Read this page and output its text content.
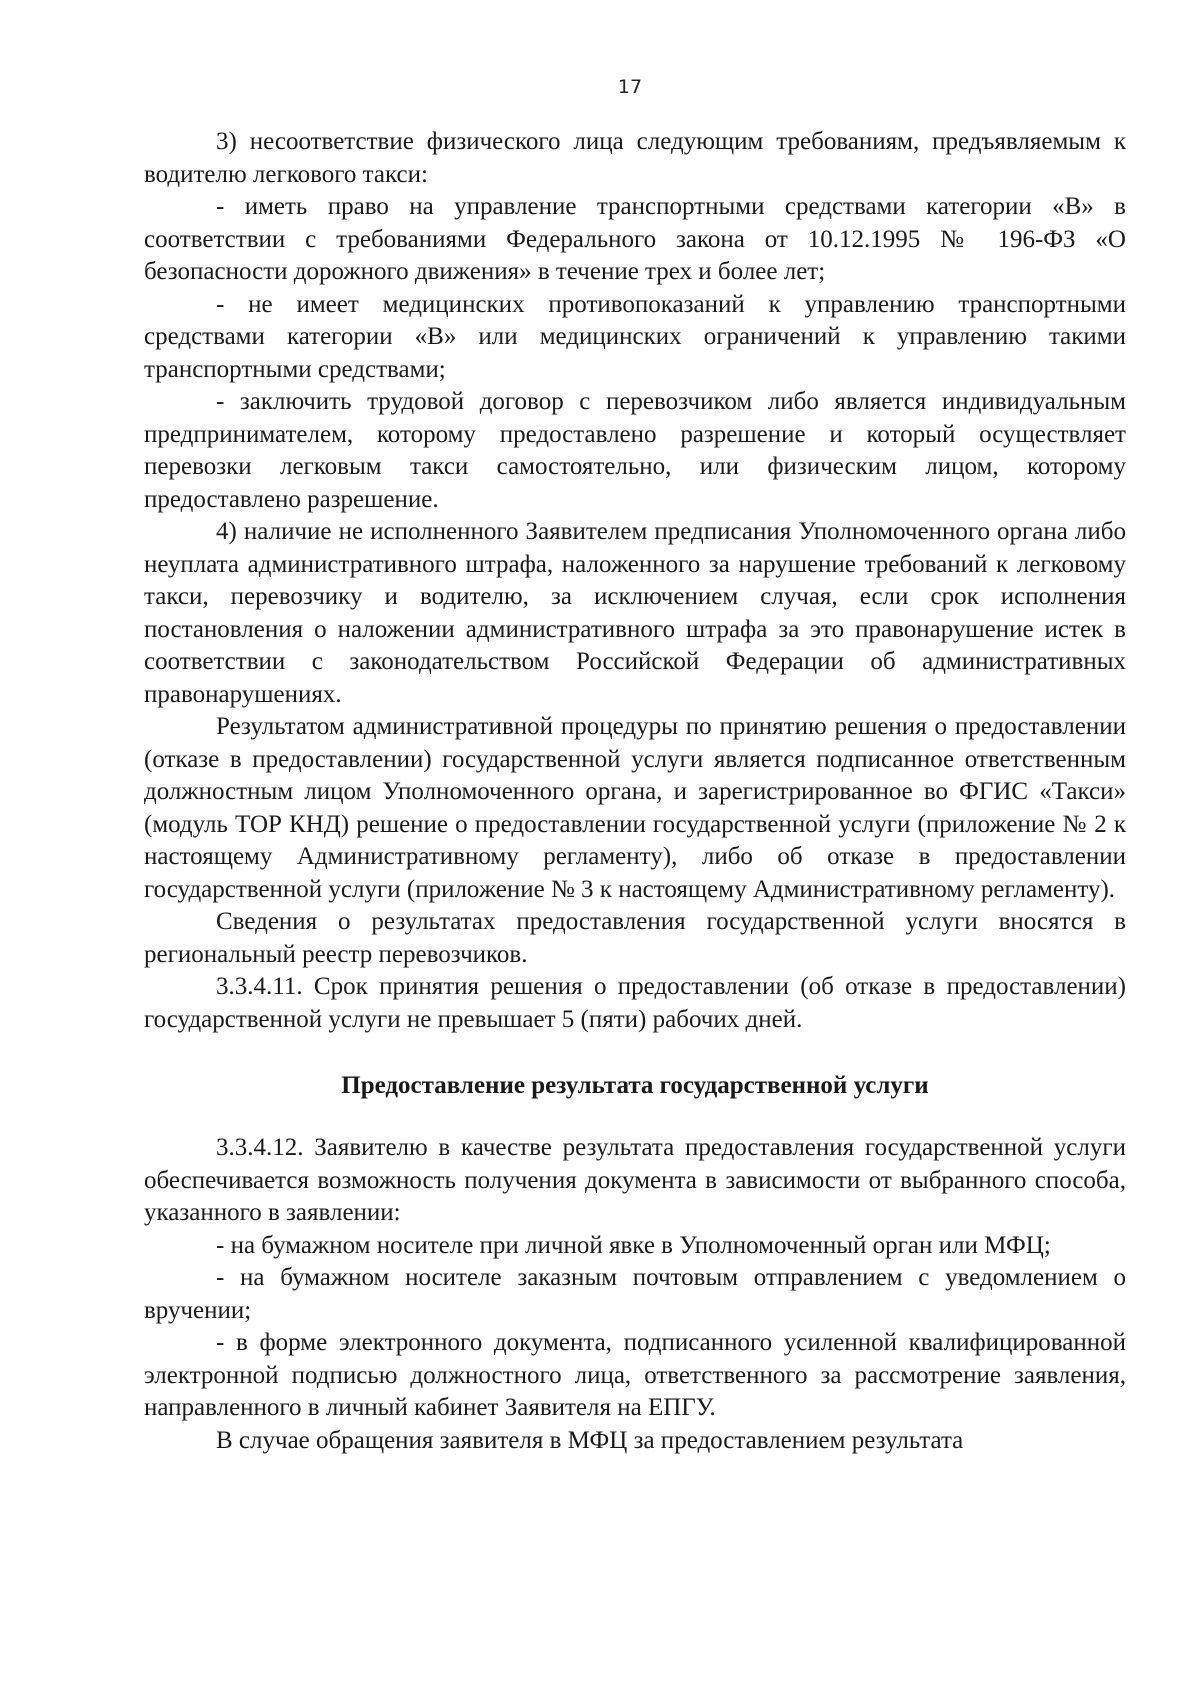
17

3) несоответствие физического лица следующим требованиям, предъявляемым к водителю легкового такси:

- иметь право на управление транспортными средствами категории «В» в соответствии с требованиями Федерального закона от 10.12.1995 № 196-ФЗ «О безопасности дорожного движения» в течение трех и более лет;

- не имеет медицинских противопоказаний к управлению транспортными средствами категории «В» или медицинских ограничений к управлению такими транспортными средствами;

- заключить трудовой договор с перевозчиком либо является индивидуальным предпринимателем, которому предоставлено разрешение и который осуществляет перевозки легковым такси самостоятельно, или физическим лицом, которому предоставлено разрешение.

4) наличие не исполненного Заявителем предписания Уполномоченного органа либо неуплата административного штрафа, наложенного за нарушение требований к легковому такси, перевозчику и водителю, за исключением случая, если срок исполнения постановления о наложении административного штрафа за это правонарушение истек в соответствии с законодательством Российской Федерации об административных правонарушениях.

Результатом административной процедуры по принятию решения о предоставлении (отказе в предоставлении) государственной услуги является подписанное ответственным должностным лицом Уполномоченного органа, и зарегистрированное во ФГИС «Такси» (модуль ТОР КНД) решение о предоставлении государственной услуги (приложение № 2 к настоящему Административному регламенту), либо об отказе в предоставлении государственной услуги (приложение № 3 к настоящему Административному регламенту).

Сведения о результатах предоставления государственной услуги вносятся в региональный реестр перевозчиков.

3.3.4.11. Срок принятия решения о предоставлении (об отказе в предоставлении) государственной услуги не превышает 5 (пяти) рабочих дней.

Предоставление результата государственной услуги

3.3.4.12. Заявителю в качестве результата предоставления государственной услуги обеспечивается возможность получения документа в зависимости от выбранного способа, указанного в заявлении:

- на бумажном носителе при личной явке в Уполномоченный орган или МФЦ;

- на бумажном носителе заказным почтовым отправлением с уведомлением о вручении;

- в форме электронного документа, подписанного усиленной квалифицированной электронной подписью должностного лица, ответственного за рассмотрение заявления, направленного в личный кабинет Заявителя на ЕПГУ.

В случае обращения заявителя в МФЦ за предоставлением результата
